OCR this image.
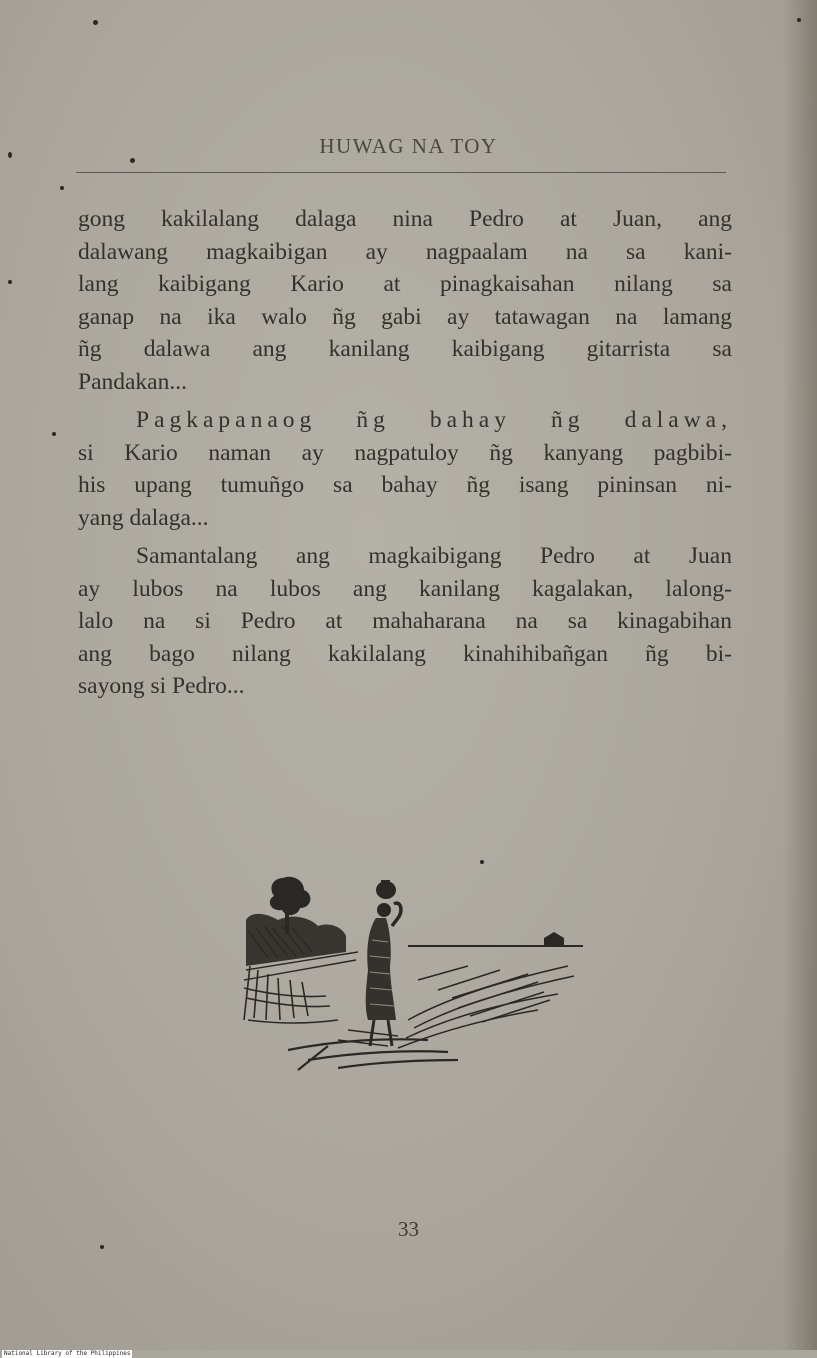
HUWAG NA TOY

gong kakilalang dalaga nina Pedro at Juan, ang
dalawang magkaibigan ay nagpaalam na sa kani-
lang kaibigang Kario at pinagkaisahan nilang sa
ganap na ika walo ñg gabi ay tatawagan na lamang
ñg dalawa ang kanilang kaibigang gitarrista sa
Pandakan...

Pagkapanaog ñg bahay ñg dalawa,
si Kario naman ay nagpatuloy ñg kanyang pagbibi-
his upang tumuñgo sa bahay ñg isang pininsan ni-
yang dalaga...

Samantalang ang magkaibigang Pedro at Juan
ay lubos na lubos ang kanilang kagalakan, lalong-
lalo na si Pedro at mahaharana na sa kinagabihan
ang bago nilang kakilalang kinahihibañgan ñg bi-
sayong si Pedro...

33
National Library of the Philippines
